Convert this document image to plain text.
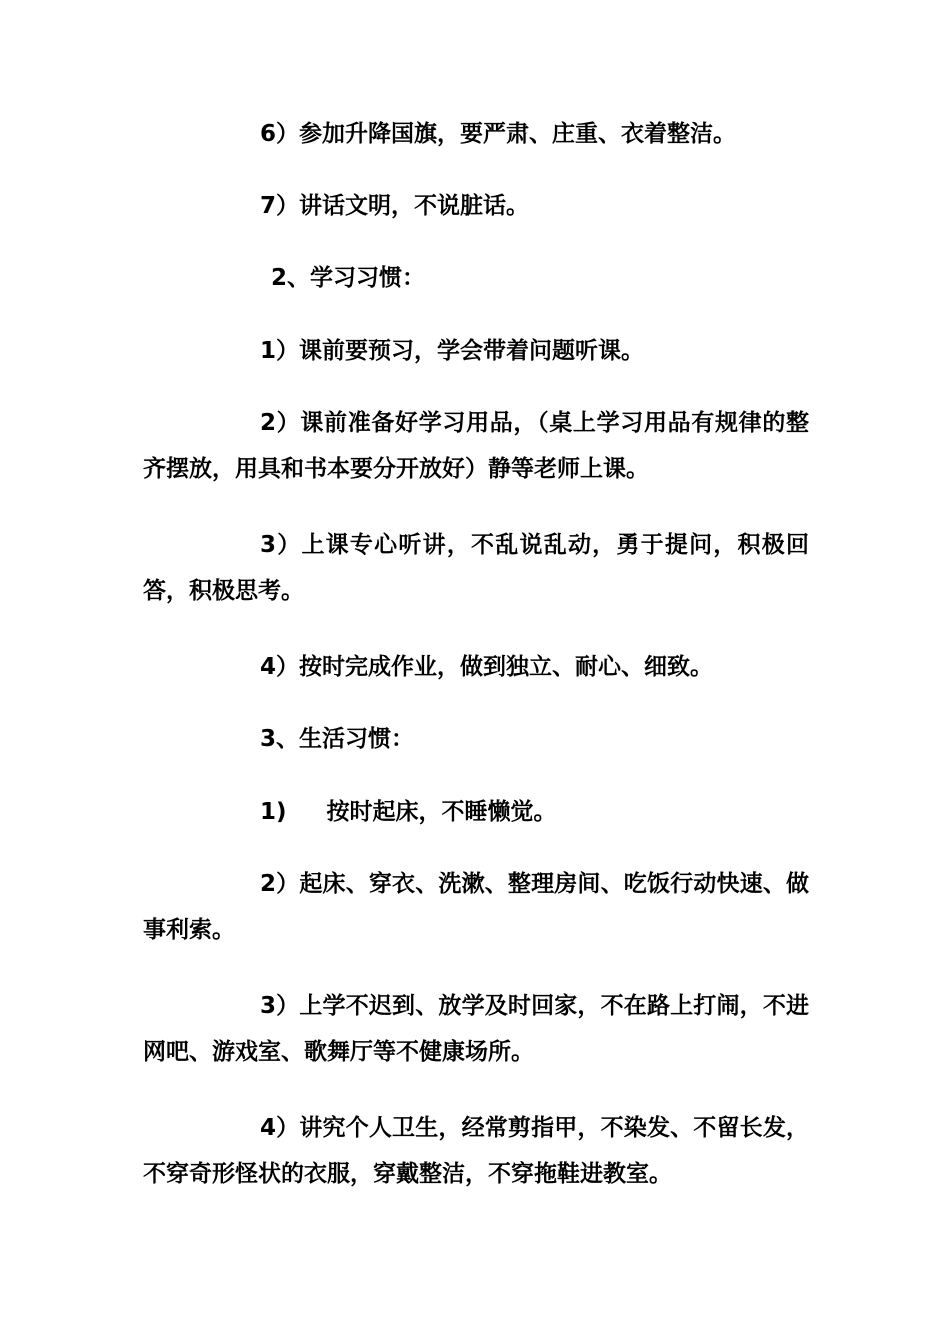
6）参加升降国旗，要严肃、庄重、衣着整洁。

7）讲话文明，不说脏话。

2、学习习惯：

1）课前要预习，学会带着问题听课。

2）课前准备好学习用品，（桌上学习用品有规律的整齐摆放，用具和书本要分开放好）静等老师上课。

3）上课专心听讲，不乱说乱动，勇于提问，积极回答，积极思考。

4）按时完成作业，做到独立、耐心、细致。

3、生活习惯：

1)     按时起床，不睡懒觉。

2）起床、穿衣、洗漱、整理房间、吃饭行动快速、做事利索。

3）上学不迟到、放学及时回家，不在路上打闹，不进网吧、游戏室、歌舞厅等不健康场所。

4）讲究个人卫生，经常剪指甲，不染发、不留长发，不穿奇形怪状的衣服，穿戴整洁，不穿拖鞋进教室。
